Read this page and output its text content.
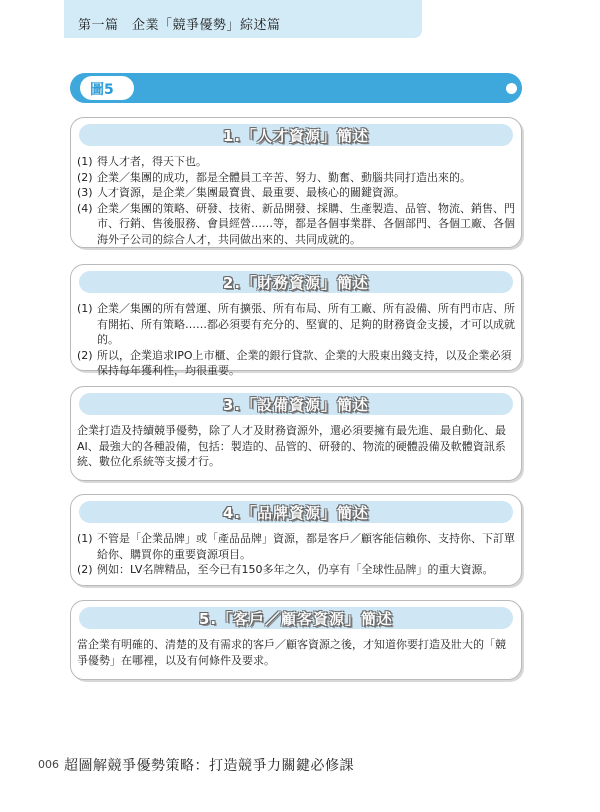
第一篇　企業「競爭優勢」綜述篇
圖5
1.「人才資源」簡述
(1) 得人才者，得天下也。
(2) 企業／集團的成功，都是全體員工辛苦、努力、勤奮、動腦共同打造出來的。
(3) 人才資源，是企業／集團最寶貴、最重要、最核心的關鍵資源。
(4) 企業／集團的策略、研發、技術、新品開發、採購、生產製造、品管、物流、銷售、門市、行銷、售後服務、會員經營……等，都是各個事業群、各個部門、各個工廠、各個海外子公司的綜合人才，共同做出來的、共同成就的。
2.「財務資源」簡述
(1) 企業／集團的所有營運、所有擴張、所有布局、所有工廠、所有設備、所有門市店、所有開拓、所有策略……都必須要有充分的、堅實的、足夠的財務資金支援，才可以成就的。
(2) 所以，企業追求IPO上市櫃、企業的銀行貸款、企業的大股東出錢支持，以及企業必須保持每年獲利性，均很重要。
3.「設備資源」簡述
企業打造及持續競爭優勢，除了人才及財務資源外，還必須要擁有最先進、最自動化、最AI、最強大的各種設備，包括：製造的、品管的、研發的、物流的硬體設備及軟體資訊系統、數位化系統等支援才行。
4.「品牌資源」簡述
(1) 不管是「企業品牌」或「產品品牌」資源，都是客戶／顧客能信賴你、支持你、下訂單給你、購買你的重要資源項目。
(2) 例如：LV名牌精品，至今已有150多年之久，仍享有「全球性品牌」的重大資源。
5.「客戶／顧客資源」簡述
當企業有明確的、清楚的及有需求的客戶／顧客資源之後，才知道你要打造及壯大的「競爭優勢」在哪裡，以及有何條件及要求。
006 超圖解競爭優勢策略：打造競爭力關鍵必修課
